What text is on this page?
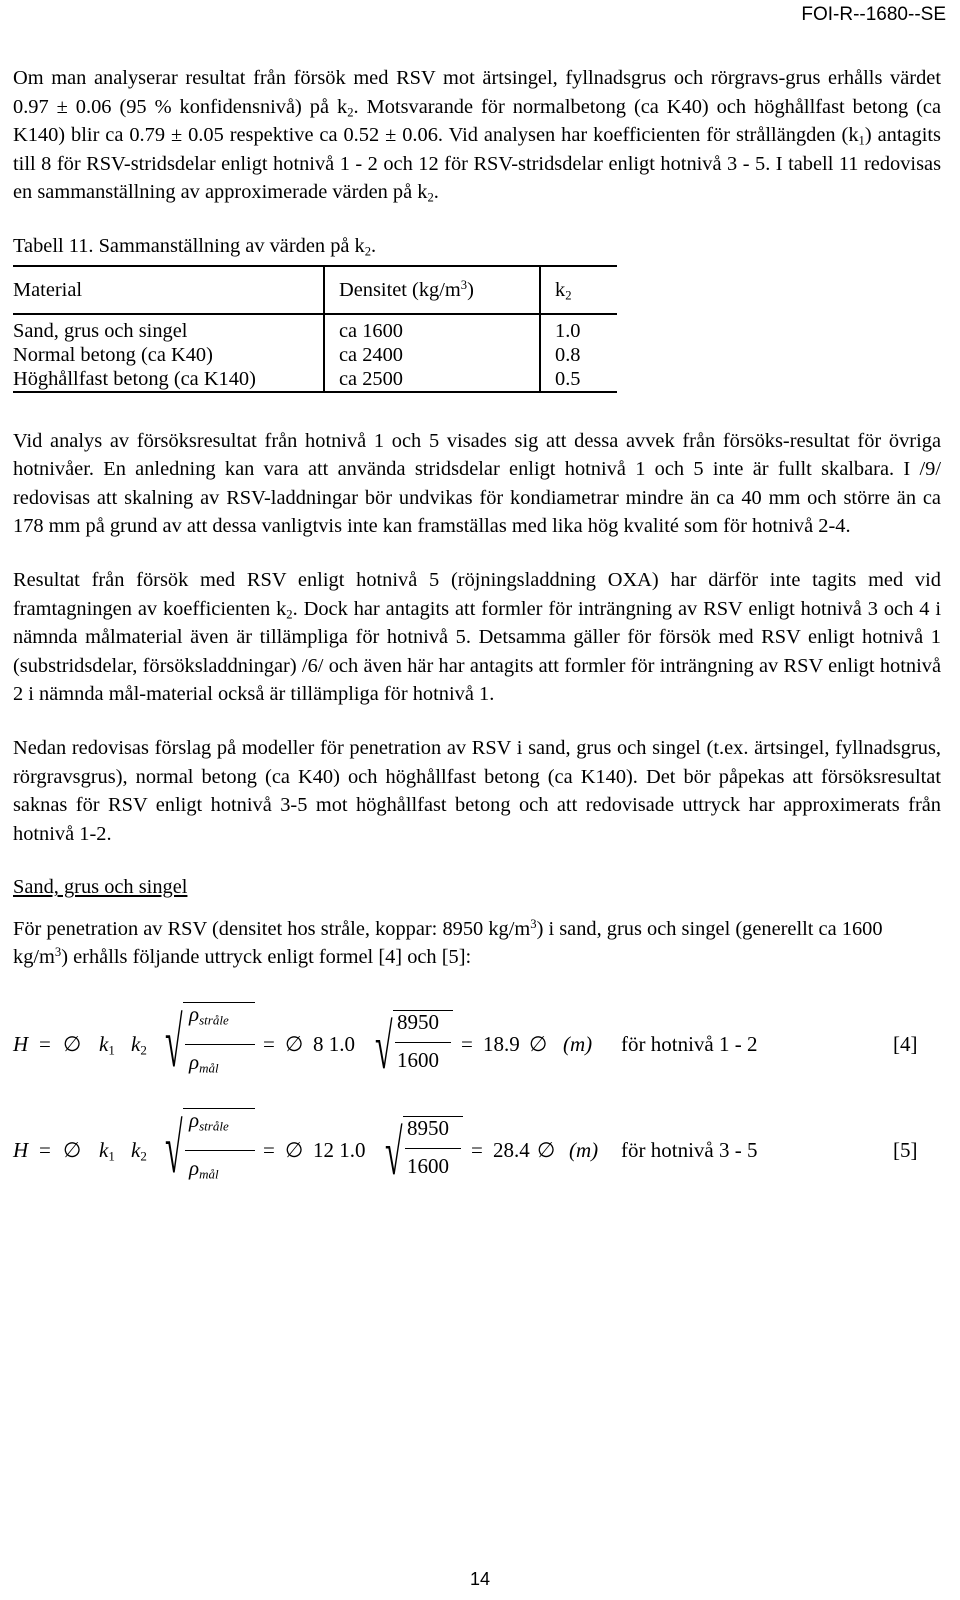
FOI-R--1680--SE

Om man analyserar resultat från försök med RSV mot ärtsingel, fyllnadsgrus och rörgravs-grus erhålls värdet 0.97 ± 0.06 (95 % konfidensnivå) på $k_2$. Motsvarande för normalbetong (ca K40) och höghållfast betong (ca K140) blir ca 0.79 ± 0.05 respektive ca 0.52 ± 0.06. Vid analysen har koefficienten för strållängden $(k_1)$ antagits till 8 för RSV-stridsdelar enligt hotnivå 1 - 2 och 12 för RSV-stridsdelar enligt hotnivå 3 - 5. I tabell 11 redovisas en sammanställning av approximerade värden på $k_2$.

Tabell 11. Sammanställning av värden på $k_2$.

Material	Densitet $(kg/m^3)$	$k_2$
Sand, grus och singel	ca 1600	1.0
Normal betong (ca K40)	ca 2400	0.8
Höghållfast betong (ca K140)	ca 2500	0.5

Vid analys av försöksresultat från hotnivå 1 och 5 visades sig att dessa avvek från försöks-resultat för övriga hotnivåer. En anledning kan vara att använda stridsdelar enligt hotnivå 1 och 5 inte är fullt skalbara. I /9/ redovisas att skalning av RSV-laddningar bör undvikas för kondiametrar mindre än ca 40 mm och större än ca 178 mm på grund av att dessa vanligtvis inte kan framställas med lika hög kvalité som för hotnivå 2-4.

Resultat från försök med RSV enligt hotnivå 5 (röjningsladdning OXA) har därför inte tagits med vid framtagningen av koefficienten $k_2$. Dock har antagits att formler för inträngning av RSV enligt hotnivå 3 och 4 i nämnda målmaterial även är tillämpliga för hotnivå 5. Detsamma gäller för försök med RSV enligt hotnivå 1 (substridsdelar, försöksladdningar) /6/ och även här har antagits att formler för inträngning av RSV enligt hotnivå 2 i nämnda mål-material också är tillämpliga för hotnivå 1.

Nedan redovisas förslag på modeller för penetration av RSV i sand, grus och singel (t.ex. ärtsingel, fyllnadsgrus, rörgravsgrus), normal betong (ca K40) och höghållfast betong (ca K140). Det bör påpekas att försöksresultat saknas för RSV enligt hotnivå 3-5 mot höghållfast betong och att redovisade uttryck har approximerats från hotnivå 1-2.

Sand, grus och singel

För penetration av RSV (densitet hos stråle, koppar: 8950 $kg/m^3$) i sand, grus och singel (generellt ca 1600 $kg/m^3$) erhålls följande uttryck enligt formel [4] och [5]:

H = ∅ $k_1$ $k_2$ √ $\rho_{stråle}$
$\rho_{mål}$
= ∅ 8 1.0 √ 8950
1600
= 18.9 ∅ (m) för hotnivå 1 - 2	[4]
H = ∅ $k_1$ $k_2$ √ $\rho_{stråle}$
$\rho_{mål}$
= ∅ 12 1.0 √ 8950
1600
= 28.4 ∅ (m) för hotnivå 3 - 5	[5]
14
